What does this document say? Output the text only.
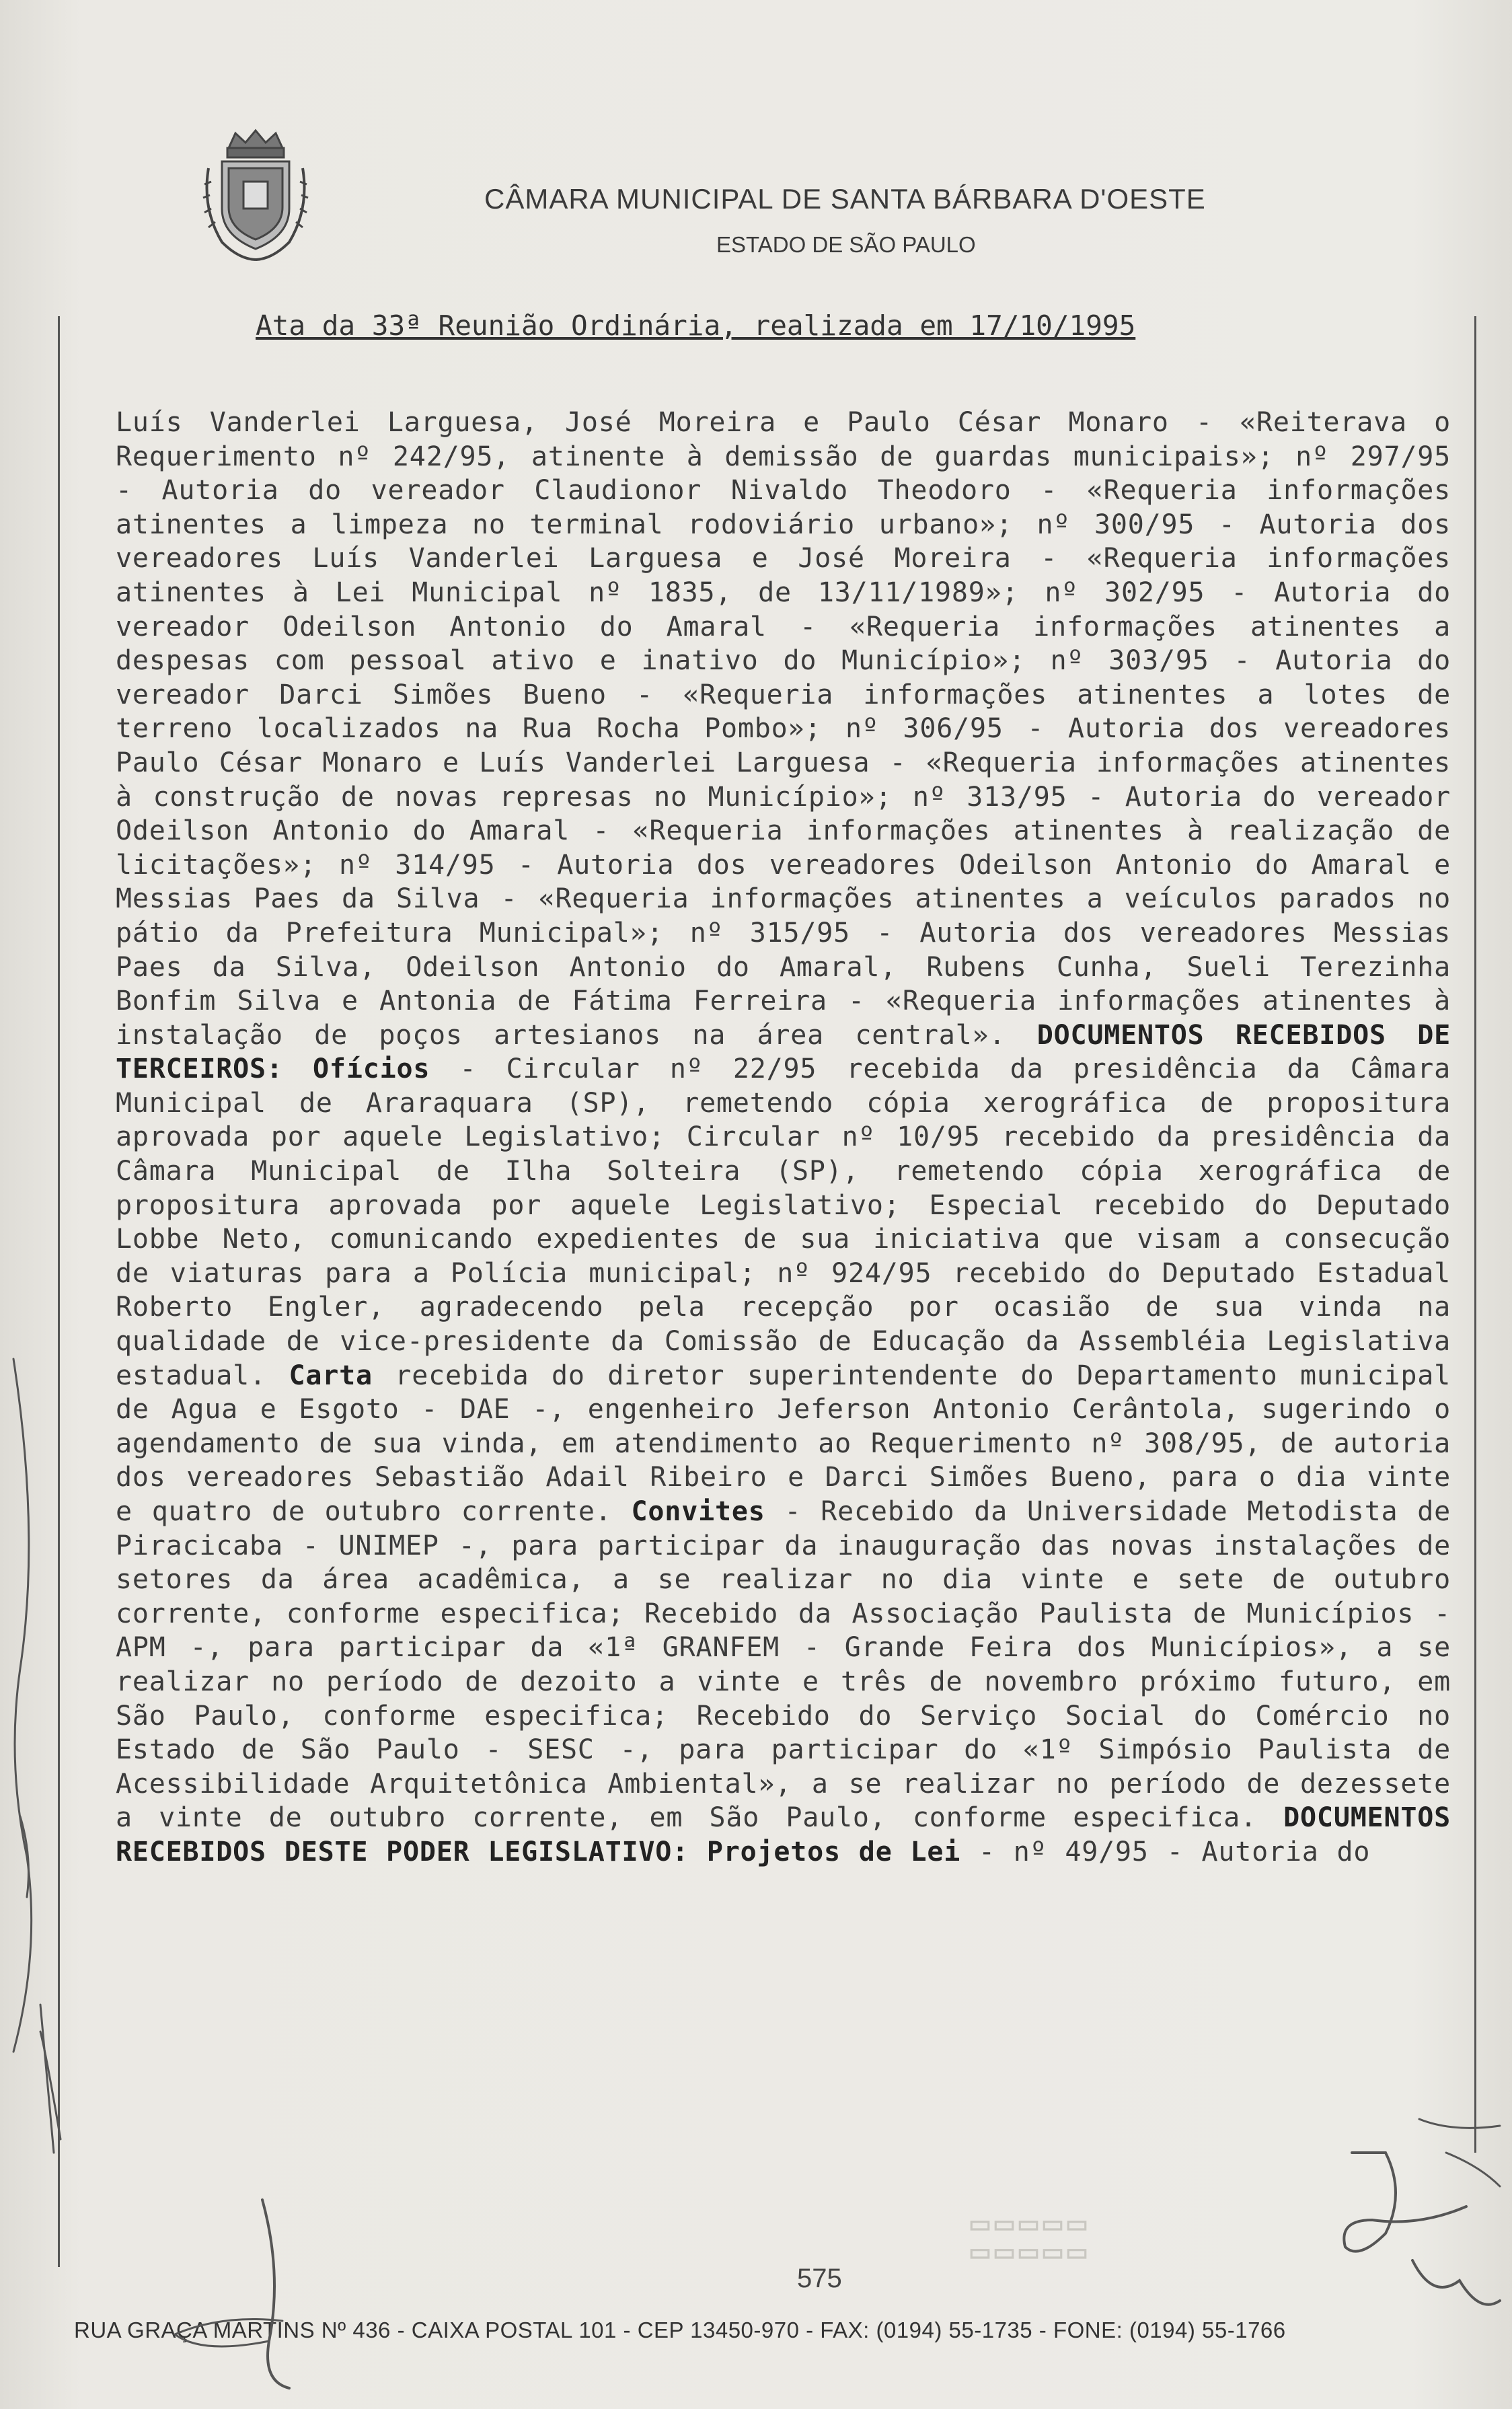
CÂMARA MUNICIPAL DE SANTA BÁRBARA D'OESTE
ESTADO DE SÃO PAULO
Ata da 33ª Reunião Ordinária, realizada em 17/10/1995
Luís Vanderlei Larguesa, José Moreira e Paulo César Monaro - «Reiterava o Requerimento nº 242/95, atinente à demissão de guardas municipais»; nº 297/95 - Autoria do vereador Claudionor Nivaldo Theodoro - «Requeria informações atinentes a limpeza no terminal rodoviário urbano»; nº 300/95 - Autoria dos vereadores Luís Vanderlei Larguesa e José Moreira - «Requeria informações atinentes à Lei Municipal nº 1835, de 13/11/1989»; nº 302/95 - Autoria do vereador Odeilson Antonio do Amaral - «Requeria informações atinentes a despesas com pessoal ativo e inativo do Município»; nº 303/95 - Autoria do vereador Darci Simões Bueno - «Requeria informações atinentes a lotes de terreno localizados na Rua Rocha Pombo»; nº 306/95 - Autoria dos vereadores Paulo César Monaro e Luís Vanderlei Larguesa - «Requeria informações atinentes à construção de novas represas no Município»; nº 313/95 - Autoria do vereador Odeilson Antonio do Amaral - «Requeria informações atinentes à realização de licitações»; nº 314/95 - Autoria dos vereadores Odeilson Antonio do Amaral e Messias Paes da Silva - «Requeria informações atinentes a veículos parados no pátio da Prefeitura Municipal»; nº 315/95 - Autoria dos vereadores Messias Paes da Silva, Odeilson Antonio do Amaral, Rubens Cunha, Sueli Terezinha Bonfim Silva e Antonia de Fátima Ferreira - «Requeria informações atinentes à instalação de poços artesianos na área central». DOCUMENTOS RECEBIDOS DE TERCEIROS: Ofícios - Circular nº 22/95 recebida da presidência da Câmara Municipal de Araraquara (SP), remetendo cópia xerográfica de propositura aprovada por aquele Legislativo; Circular nº 10/95 recebido da presidência da Câmara Municipal de Ilha Solteira (SP), remetendo cópia xerográfica de propositura aprovada por aquele Legislativo; Especial recebido do Deputado Lobbe Neto, comunicando expedientes de sua iniciativa que visam a consecução de viaturas para a Polícia municipal; nº 924/95 recebido do Deputado Estadual Roberto Engler, agradecendo pela recepção por ocasião de sua vinda na qualidade de vice-presidente da Comissão de Educação da Assembléia Legislativa estadual. Carta recebida do diretor superintendente do Departamento municipal de Agua e Esgoto - DAE -, engenheiro Jeferson Antonio Cerântola, sugerindo o agendamento de sua vinda, em atendimento ao Requerimento nº 308/95, de autoria dos vereadores Sebastião Adail Ribeiro e Darci Simões Bueno, para o dia vinte e quatro de outubro corrente. Convites - Recebido da Universidade Metodista de Piracicaba - UNIMEP -, para participar da inauguração das novas instalações de setores da área acadêmica, a se realizar no dia vinte e sete de outubro corrente, conforme especifica; Recebido da Associação Paulista de Municípios - APM -, para participar da «1ª GRANFEM - Grande Feira dos Municípios», a se realizar no período de dezoito a vinte e três de novembro próximo futuro, em São Paulo, conforme especifica; Recebido do Serviço Social do Comércio no Estado de São Paulo - SESC -, para participar do «1º Simpósio Paulista de Acessibilidade Arquitetônica Ambiental», a se realizar no período de dezessete a vinte de outubro corrente, em São Paulo, conforme especifica. DOCUMENTOS RECEBIDOS DESTE PODER LEGISLATIVO: Projetos de Lei - nº 49/95 - Autoria do
▭▭▭▭▭ ▭▭▭▭▭
575
RUA GRAÇA MARTINS Nº 436 - CAIXA POSTAL 101 - CEP 13450-970 - FAX: (0194) 55-1735 - FONE: (0194) 55-1766
